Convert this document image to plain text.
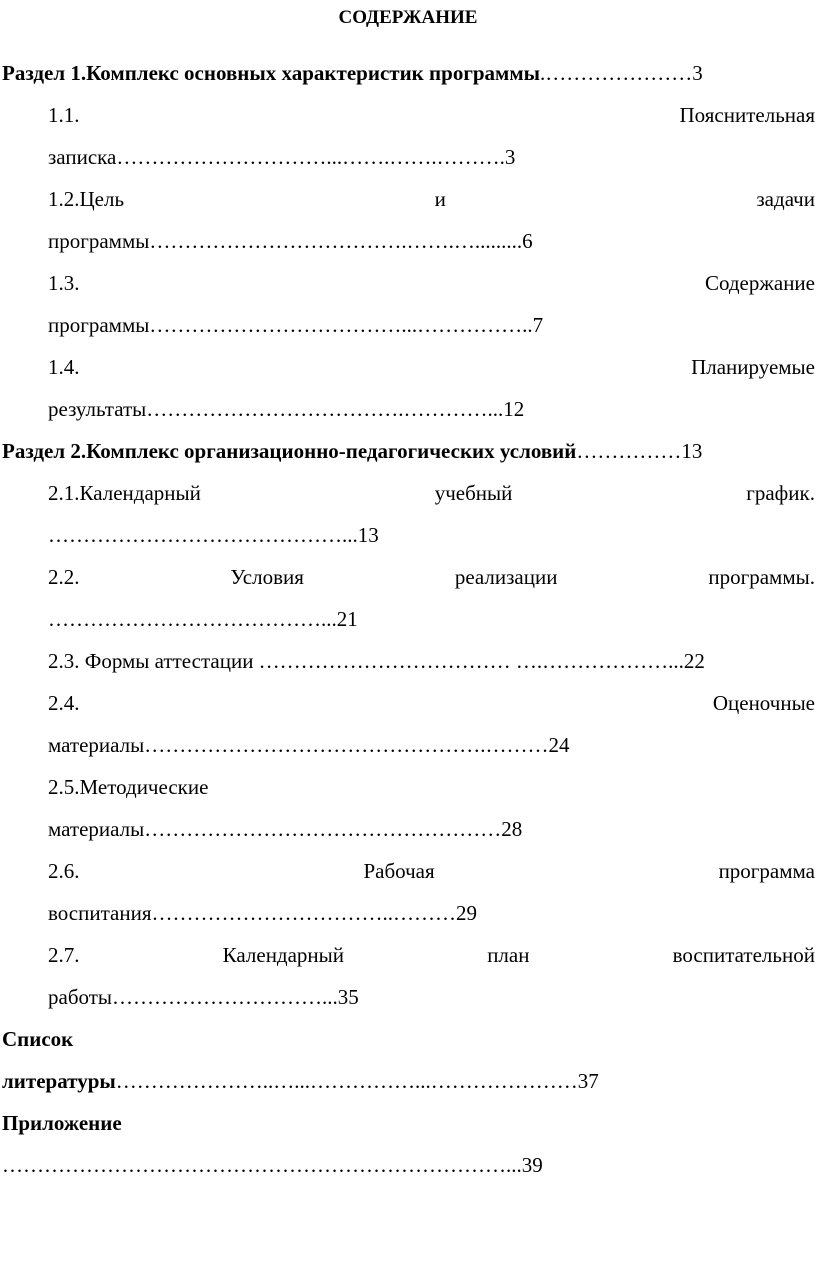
СОДЕРЖАНИЕ
Раздел 1.Комплекс основных характеристик программы.…………………3
1.1.	Пояснительная
записка…………………………...…….…….……….3
1.2.Цель	и	задачи
программы……………………………….…….….........6
1.3.	Содержание
программы………………………………...……………..7
1.4.	Планируемые
результаты……………………………….…………...12
Раздел 2.Комплекс организационно-педагогических условий……………13
2.1.Календарный	учебный	график.
……………………………………...13
2.2.	Условия	реализации	программы.
…………………………………...21
2.3. Формы аттестации ……………………………… ….………………...22
2.4.	Оценочные
материалы………………………………………….………24
2.5.Методические
материалы……………………………………………28
2.6.	Рабочая	программа
воспитания……………………………..………29
2.7.	Календарный	план	воспитательной
работы…………………………...35
Список
литературы…………………..…...……………...…………………37
Приложение
………………………………………………………………...39
